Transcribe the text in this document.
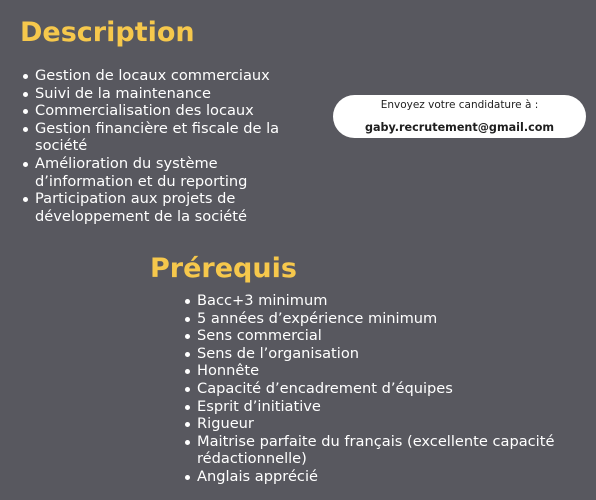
Description
Gestion de locaux commerciaux
Suivi de la maintenance
Commercialisation des locaux
Gestion financière et fiscale de la société
Amélioration du système d’information et du reporting
Participation aux projets de développement de la société
Envoyez votre candidature à :
gaby.recrutement@gmail.com
Prérequis
Bacc+3 minimum
5 années d’expérience minimum
Sens commercial
Sens de l’organisation
Honnête
Capacité d’encadrement d’équipes
Esprit d’initiative
Rigueur
Maitrise parfaite du français (excellente capacité rédactionnelle)
Anglais apprécié
